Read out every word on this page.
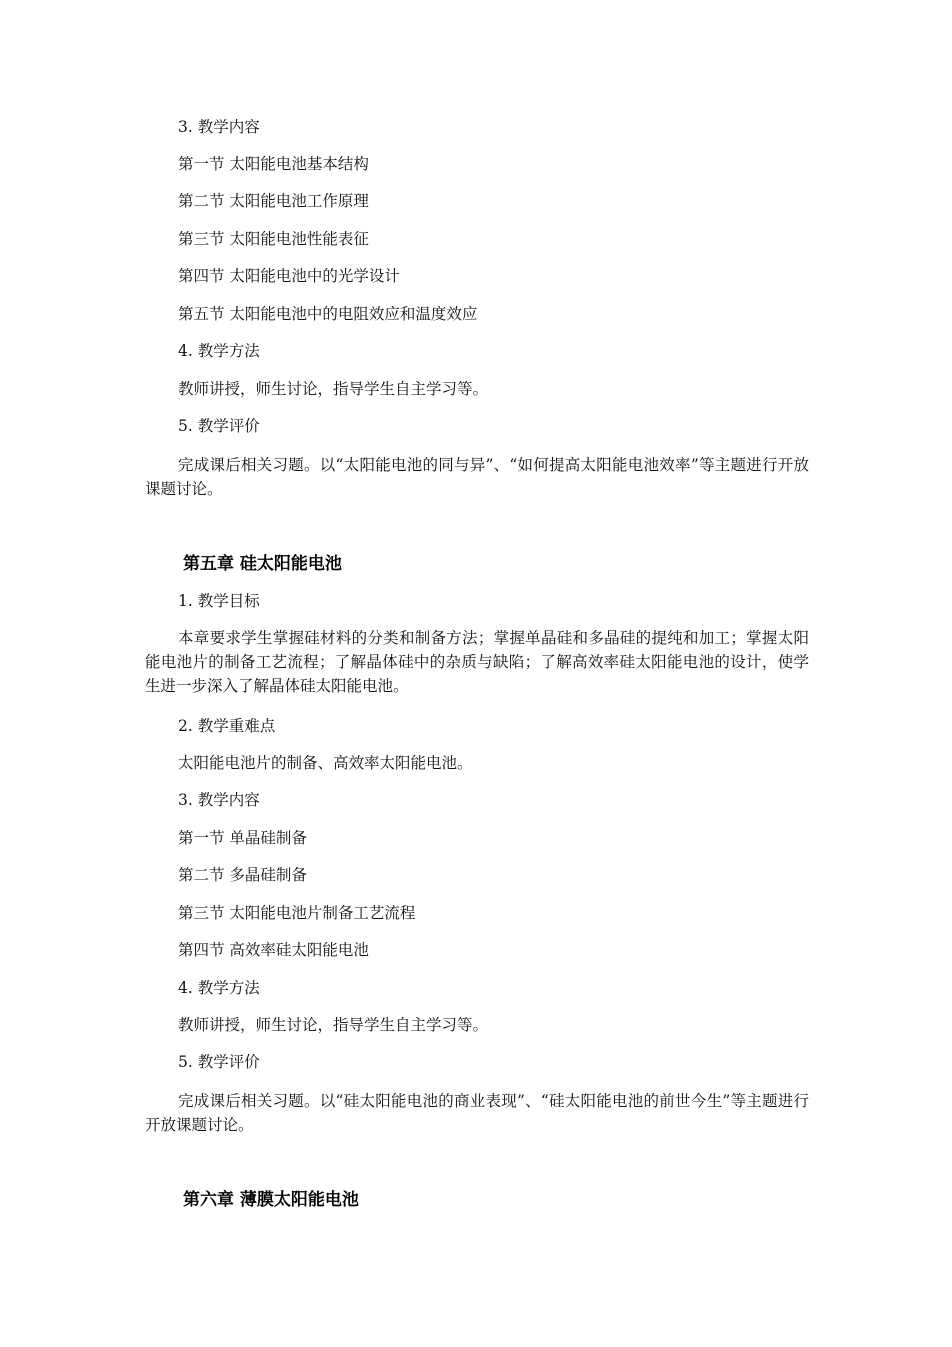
3. 教学内容
第一节 太阳能电池基本结构
第二节 太阳能电池工作原理
第三节 太阳能电池性能表征
第四节 太阳能电池中的光学设计
第五节 太阳能电池中的电阻效应和温度效应
4. 教学方法
教师讲授，师生讨论，指导学生自主学习等。
5. 教学评价
完成课后相关习题。以“太阳能电池的同与异”、“如何提高太阳能电池效率”等主题进行开放课题讨论。
第五章 硅太阳能电池
1. 教学目标
本章要求学生掌握硅材料的分类和制备方法；掌握单晶硅和多晶硅的提纯和加工；掌握太阳能电池片的制备工艺流程；了解晶体硅中的杂质与缺陷；了解高效率硅太阳能电池的设计，使学生进一步深入了解晶体硅太阳能电池。
2. 教学重难点
太阳能电池片的制备、高效率太阳能电池。
3. 教学内容
第一节 单晶硅制备
第二节 多晶硅制备
第三节 太阳能电池片制备工艺流程
第四节 高效率硅太阳能电池
4. 教学方法
教师讲授，师生讨论，指导学生自主学习等。
5. 教学评价
完成课后相关习题。以“硅太阳能电池的商业表现”、“硅太阳能电池的前世今生”等主题进行开放课题讨论。
第六章 薄膜太阳能电池
